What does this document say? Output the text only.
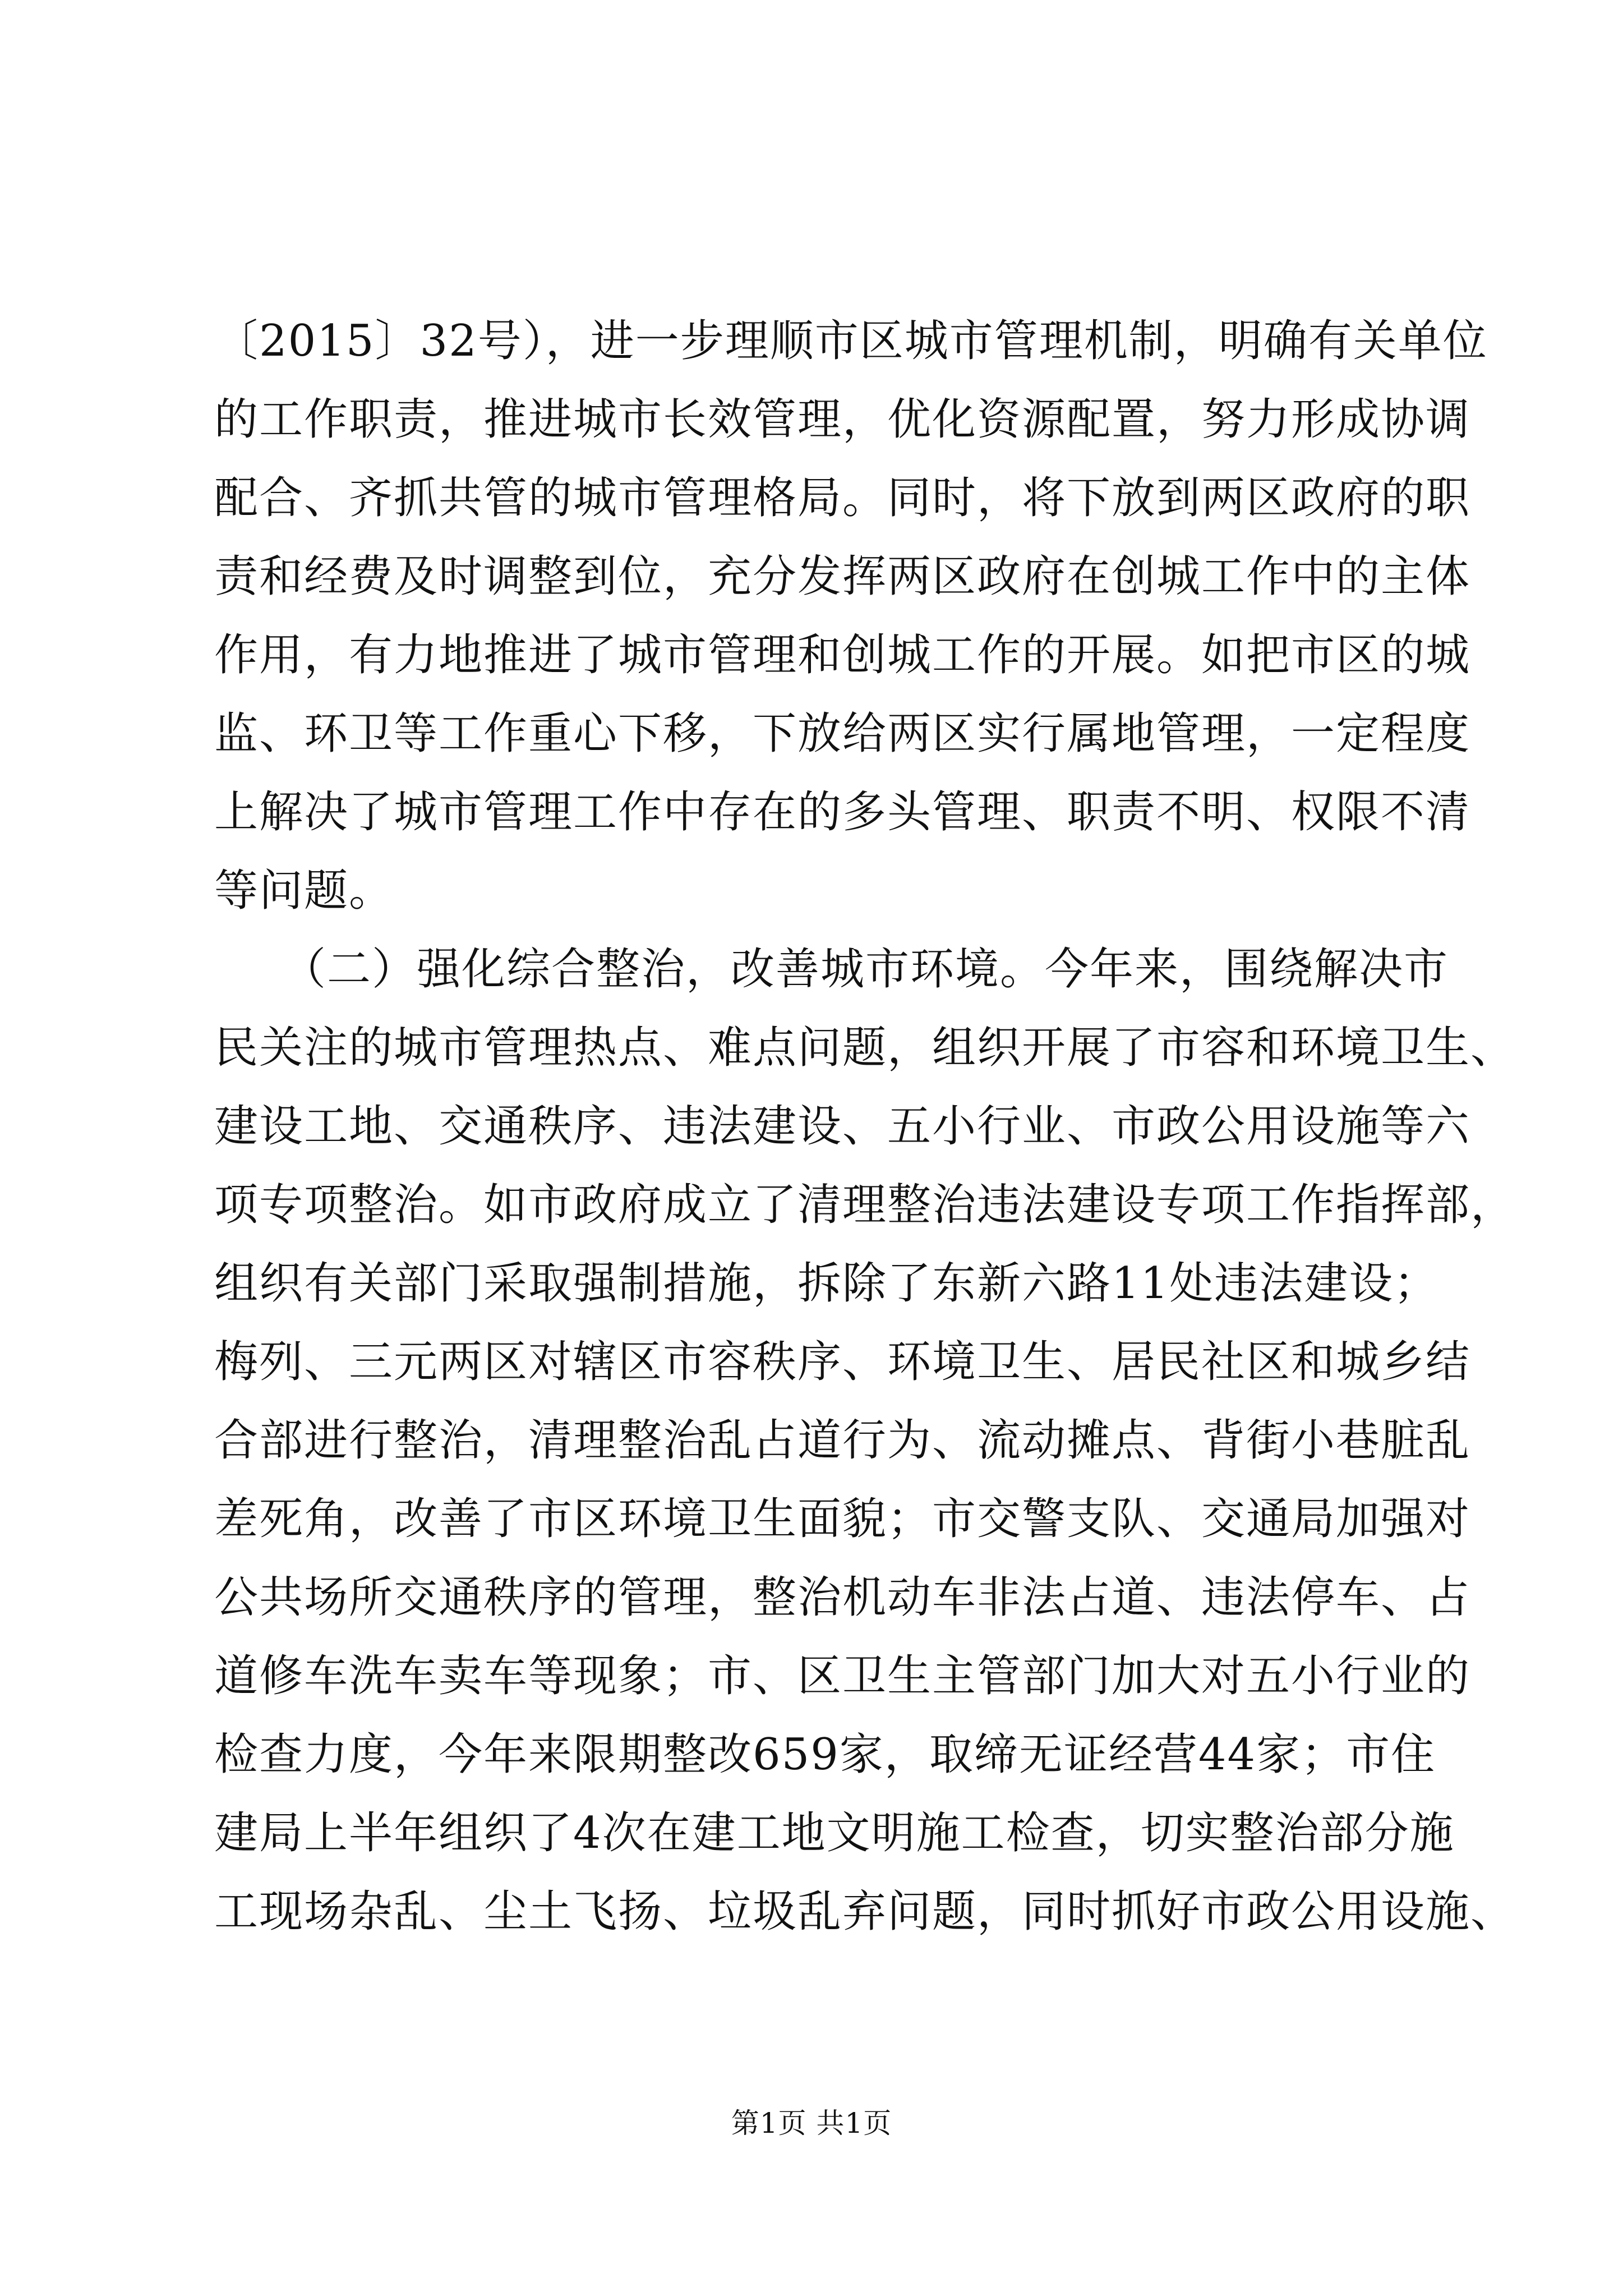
〔2015〕32号），进一步理顺市区城市管理机制，明确有关单位
的工作职责，推进城市长效管理，优化资源配置，努力形成协调
配合、齐抓共管的城市管理格局。同时，将下放到两区政府的职
责和经费及时调整到位，充分发挥两区政府在创城工作中的主体
作用，有力地推进了城市管理和创城工作的开展。如把市区的城
监、环卫等工作重心下移，下放给两区实行属地管理，一定程度
上解决了城市管理工作中存在的多头管理、职责不明、权限不清
等问题。
　　（二）强化综合整治，改善城市环境。今年来，围绕解决市
民关注的城市管理热点、难点问题，组织开展了市容和环境卫生、
建设工地、交通秩序、违法建设、五小行业、市政公用设施等六
项专项整治。如市政府成立了清理整治违法建设专项工作指挥部，
组织有关部门采取强制措施，拆除了东新六路11处违法建设；
梅列、三元两区对辖区市容秩序、环境卫生、居民社区和城乡结
合部进行整治，清理整治乱占道行为、流动摊点、背街小巷脏乱
差死角，改善了市区环境卫生面貌；市交警支队、交通局加强对
公共场所交通秩序的管理，整治机动车非法占道、违法停车、占
道修车洗车卖车等现象；市、区卫生主管部门加大对五小行业的
检查力度，今年来限期整改659家，取缔无证经营44家；市住
建局上半年组织了4次在建工地文明施工检查，切实整治部分施
工现场杂乱、尘土飞扬、垃圾乱弃问题，同时抓好市政公用设施、
第1页 共1页
